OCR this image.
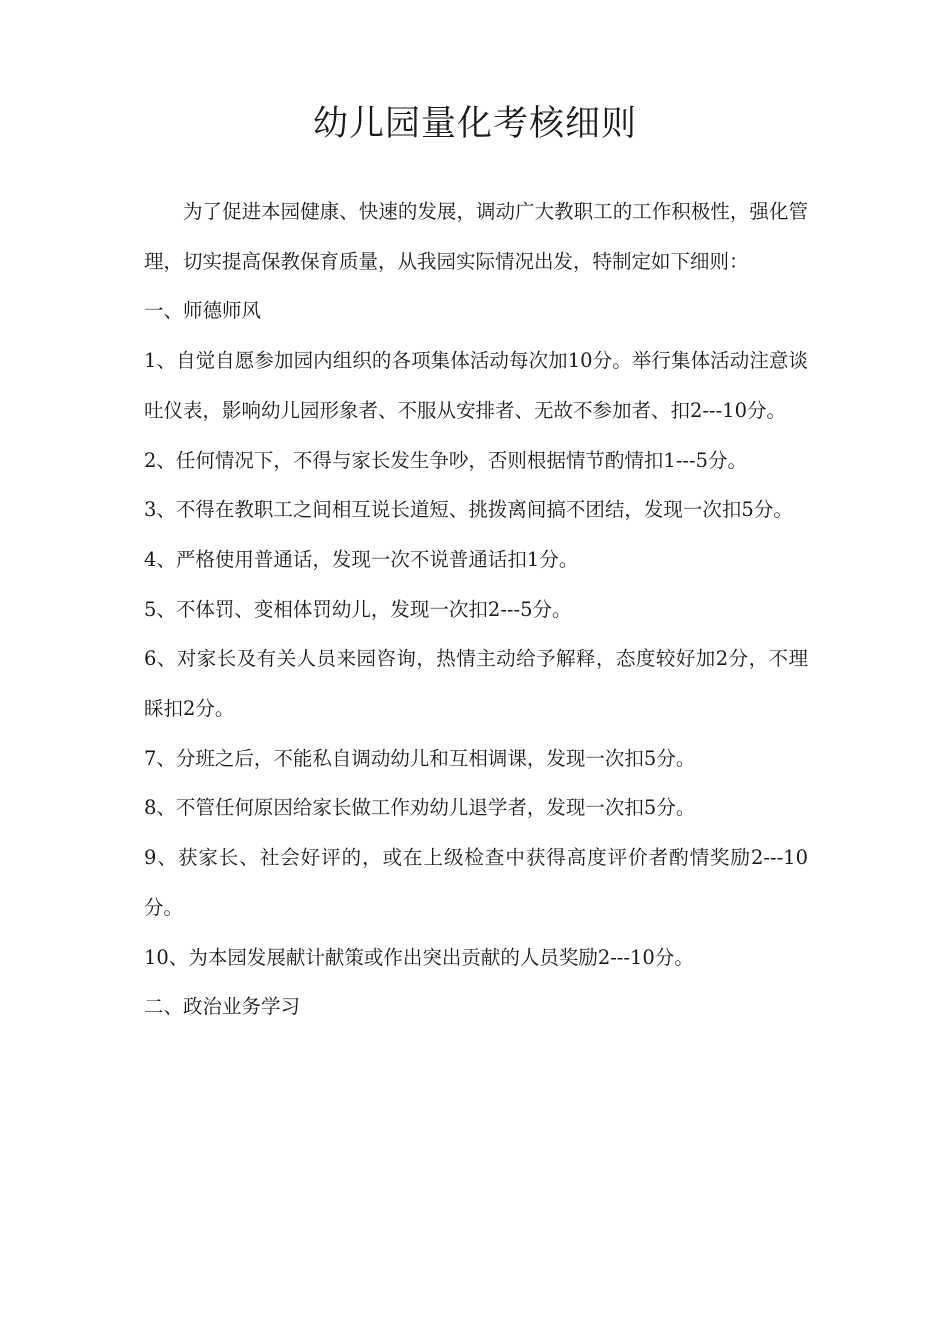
幼儿园量化考核细则

为了促进本园健康、快速的发展，调动广大教职工的工作积极性，强化管理，切实提高保教保育质量，从我园实际情况出发，特制定如下细则：

一、师德师风

1、自觉自愿参加园内组织的各项集体活动每次加10分。举行集体活动注意谈吐仪表，影响幼儿园形象者、不服从安排者、无故不参加者、扣2---10分。

2、任何情况下，不得与家长发生争吵，否则根据情节酌情扣1---5分。

3、不得在教职工之间相互说长道短、挑拨离间搞不团结，发现一次扣5分。

4、严格使用普通话，发现一次不说普通话扣1分。

5、不体罚、变相体罚幼儿，发现一次扣2---5分。

6、对家长及有关人员来园咨询，热情主动给予解释，态度较好加2分，不理睬扣2分。

7、分班之后，不能私自调动幼儿和互相调课，发现一次扣5分。

8、不管任何原因给家长做工作劝幼儿退学者，发现一次扣5分。

9、获家长、社会好评的，或在上级检查中获得高度评价者酌情奖励2---10分。

10、为本园发展献计献策或作出突出贡献的人员奖励2---10分。

二、政治业务学习
